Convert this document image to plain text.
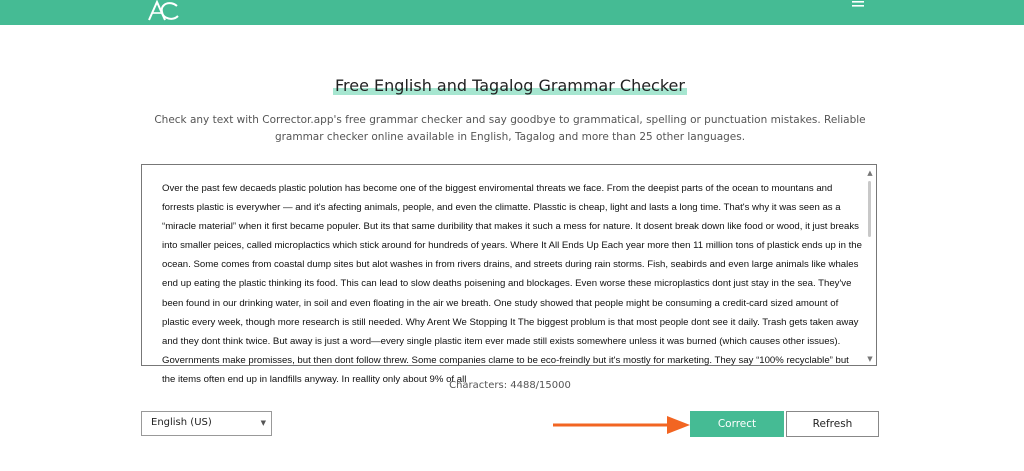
Free English and Tagalog Grammar Checker
Check any text with Corrector.app's free grammar checker and say goodbye to grammatical, spelling or punctuation mistakes. Reliable grammar checker online available in English, Tagalog and more than 25 other languages.

Over the past few decaeds plastic polution has become one of the biggest enviromental threats we face. From the deepist parts of the ocean to mountans and forrests plastic is everywher — and it's afecting animals, people, and even the climatte. Plasstic is cheap, light and lasts a long time. That's why it was seen as a “miracle material” when it first became populer. But its that same duribility that makes it such a mess for nature. It dosent break down like food or wood, it just breaks into smaller peices, called microplactics which stick around for hundreds of years. Where It All Ends Up Each year more then 11 million tons of plastick ends up in the ocean. Some comes from coastal dump sites but alot washes in from rivers drains, and streets during rain storms. Fish, seabirds and even large animals like whales end up eating the plastic thinking its food. This can lead to slow deaths poisening and blockages. Even worse these microplastics dont just stay in the sea. They've been found in our drinking water, in soil and even floating in the air we breath. One study showed that people might be consuming a credit-card sized amount of plastic every week, though more research is still needed. Why Arent We Stopping It The biggest problum is that most people dont see it daily. Trash gets taken away and they dont think twice. But away is just a word—every single plastic item ever made still exists somewhere unless it was burned (which causes other issues). Governments make promisses, but then dont follow threw. Some companies clame to be eco-freindly but it's mostly for marketing. They say “100% recyclable” but the items often end up in landfills anyway. In reallity only about 9% of all

▲
▼
Characters: 4488/15000
English (US)	▼	Correct	Refresh
